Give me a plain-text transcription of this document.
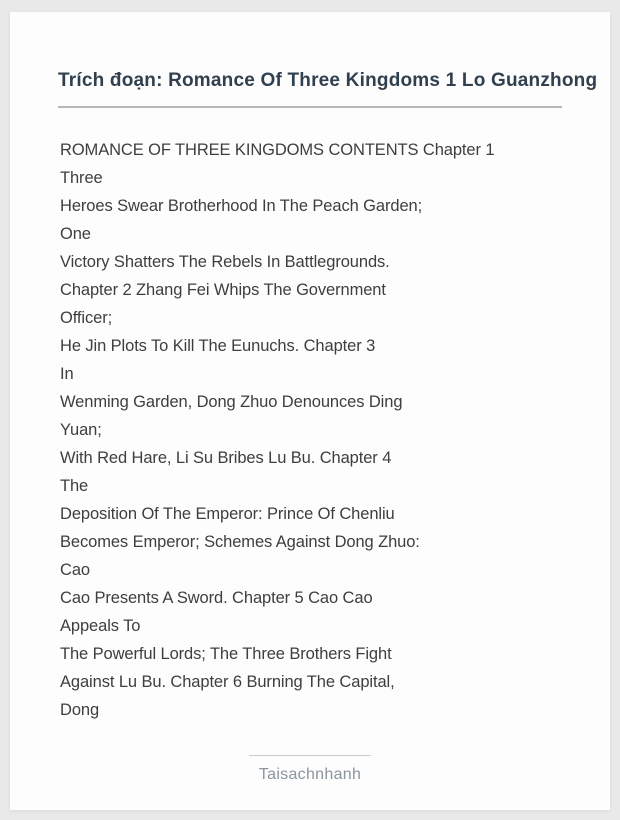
Trích đoạn: Romance Of Three Kingdoms 1 Lo Guanzhong
ROMANCE OF THREE KINGDOMS CONTENTS Chapter 1
Three
Heroes Swear Brotherhood In The Peach Garden;
One
Victory Shatters The Rebels In Battlegrounds.
Chapter 2 Zhang Fei Whips The Government
Officer;
He Jin Plots To Kill The Eunuchs. Chapter 3
In
Wenming Garden, Dong Zhuo Denounces Ding
Yuan;
With Red Hare, Li Su Bribes Lu Bu. Chapter 4
The
Deposition Of The Emperor: Prince Of Chenliu
Becomes Emperor; Schemes Against Dong Zhuo:
Cao
Cao Presents A Sword. Chapter 5 Cao Cao
Appeals To
The Powerful Lords; The Three Brothers Fight
Against Lu Bu. Chapter 6 Burning The Capital,
Dong
Taisachnhanh
